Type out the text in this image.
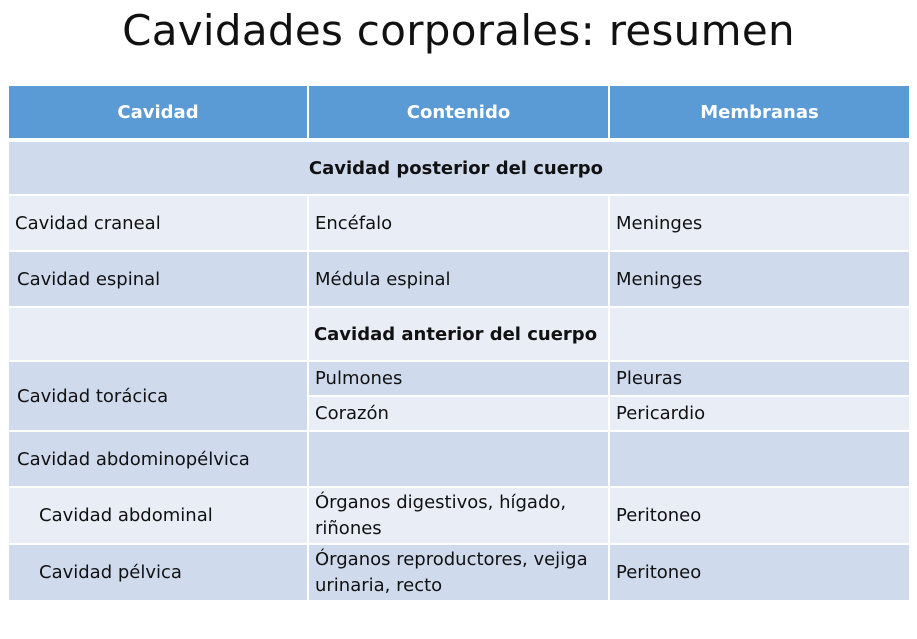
Cavidades corporales: resumen
Cavidad	Contenido	Membranas
Cavidad posterior del cuerpo		
Cavidad craneal	Encéfalo	Meninges
Cavidad espinal	Médula espinal	Meninges
	Cavidad anterior del cuerpo	
Cavidad torácica	Pulmones	Pleuras
	Corazón	Pericardio
Cavidad abdominopélvica		
Cavidad abdominal	Órganos digestivos, hígado, riñones	Peritoneo
Cavidad pélvica	Órganos reproductores, vejiga urinaria, recto	Peritoneo
